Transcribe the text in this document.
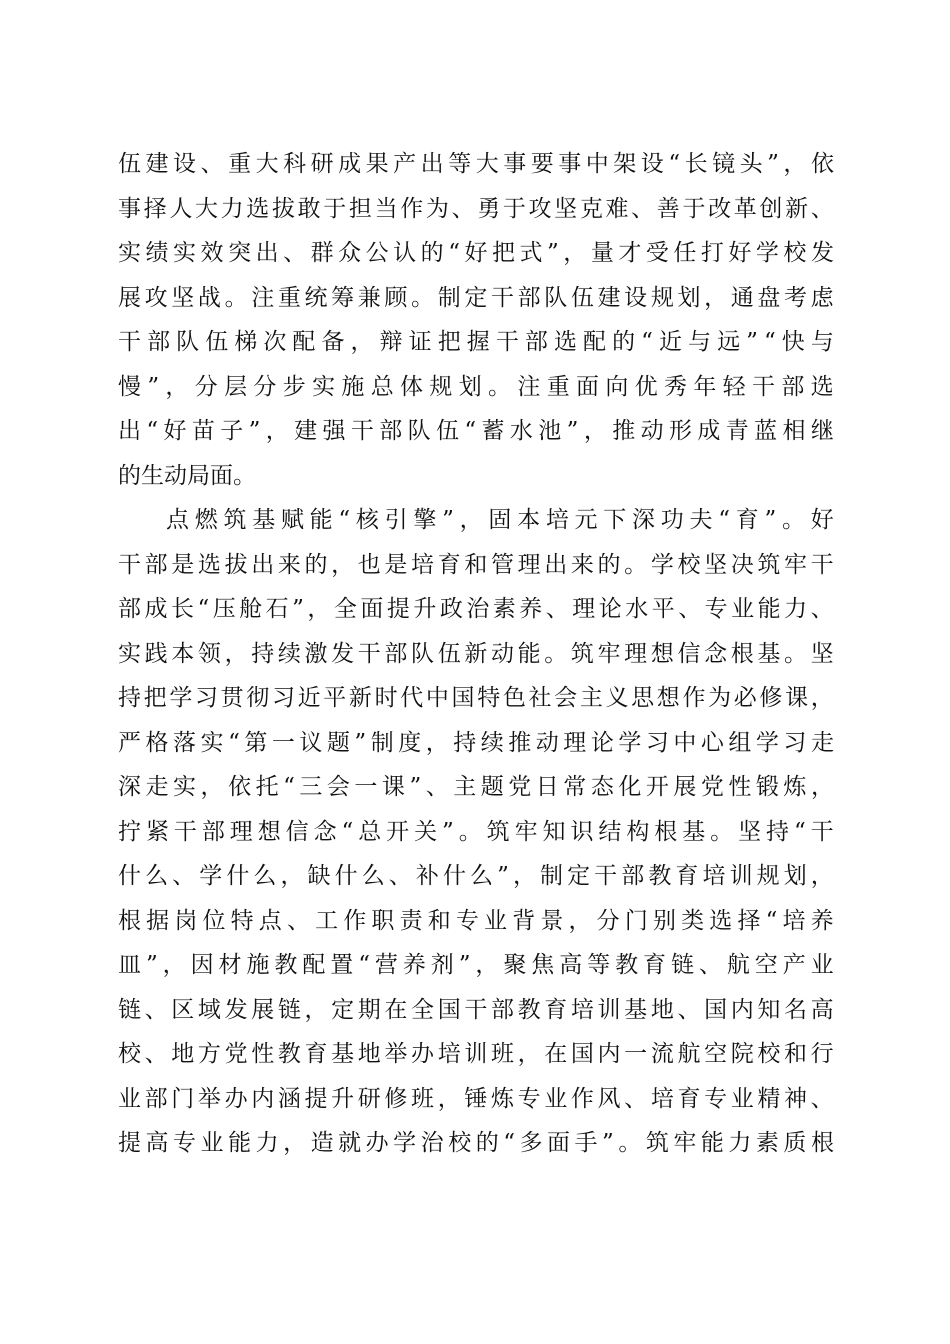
伍 建 设 、 重 大 科 研 成 果 产 出 等 大 事 要 事 中 架 设 “ 长 镜 头 ” ， 依
事 择 人 大 力 选 拔 敢 于 担 当 作 为 、 勇 于 攻 坚 克 难 、 善 于 改 革 创 新 、
实 绩 实 效 突 出 、 群 众 公 认 的 “ 好 把 式 ” ， 量 才 受 任 打 好 学 校 发
展 攻 坚 战 。 注 重 统 筹 兼 顾 。 制 定 干 部 队 伍 建 设 规 划 ， 通 盘 考 虑
干 部 队 伍 梯 次 配 备 ， 辩 证 把 握 干 部 选 配 的 “ 近 与 远 ” “ 快 与
慢 ” ， 分 层 分 步 实 施 总 体 规 划 。 注 重 面 向 优 秀 年 轻 干 部 选
出 “ 好 苗 子 ” ， 建 强 干 部 队 伍 “ 蓄 水 池 ” ， 推 动 形 成 青 蓝 相 继
的生动局面。
点 燃 筑 基 赋 能 “ 核 引 擎 ” ， 固 本 培 元 下 深 功 夫 “ 育 ” 。 好
干 部 是 选 拔 出 来 的 ， 也 是 培 育 和 管 理 出 来 的 。 学 校 坚 决 筑 牢 干
部 成 长 “ 压 舱 石 ” ， 全 面 提 升 政 治 素 养 、 理 论 水 平 、 专 业 能 力 、
实 践 本 领 ， 持 续 激 发 干 部 队 伍 新 动 能 。 筑 牢 理 想 信 念 根 基 。 坚
持 把 学 习 贯 彻 习 近 平 新 时 代 中 国 特 色 社 会 主 义 思 想 作 为 必 修 课 ，
严 格 落 实 “ 第 一 议 题 ” 制 度 ， 持 续 推 动 理 论 学 习 中 心 组 学 习 走
深 走 实 ， 依 托 “ 三 会 一 课 ” 、 主 题 党 日 常 态 化 开 展 党 性 锻 炼 ，
拧 紧 干 部 理 想 信 念 “ 总 开 关 ” 。 筑 牢 知 识 结 构 根 基 。 坚 持 “ 干
什 么 、 学 什 么 ， 缺 什 么 、 补 什 么 ” ， 制 定 干 部 教 育 培 训 规 划 ，
根 据 岗 位 特 点 、 工 作 职 责 和 专 业 背 景 ， 分 门 别 类 选 择 “ 培 养
皿 ” ， 因 材 施 教 配 置 “ 营 养 剂 ” ， 聚 焦 高 等 教 育 链 、 航 空 产 业
链 、 区 域 发 展 链 ， 定 期 在 全 国 干 部 教 育 培 训 基 地 、 国 内 知 名 高
校 、 地 方 党 性 教 育 基 地 举 办 培 训 班 ， 在 国 内 一 流 航 空 院 校 和 行
业 部 门 举 办 内 涵 提 升 研 修 班 ， 锤 炼 专 业 作 风 、 培 育 专 业 精 神 、
提 高 专 业 能 力 ， 造 就 办 学 治 校 的 “ 多 面 手 ” 。 筑 牢 能 力 素 质 根
